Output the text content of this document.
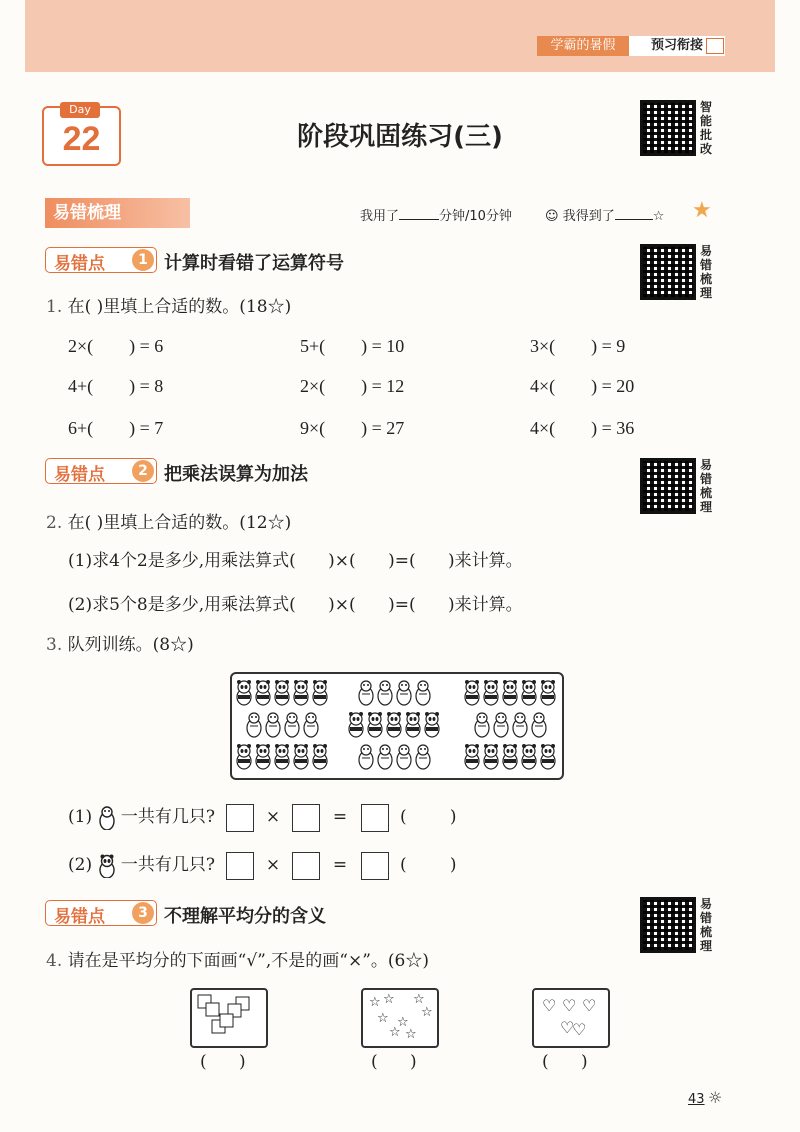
学霸的暑假	预习衔接
Day
22	阶段巩固练习(三)
智能批改
易错梳理	我用了	分钟/10分钟	☺ 我得到了	☆ ★
易错点	1 计算时看错了运算符号
易错梳理
1. 在( )里填上合适的数。(18☆)
2×(        ) = 6	5+(        ) = 10	3×(        ) = 9
4+(        ) = 8	2×(        ) = 12	4×(        ) = 20
6+(        ) = 7	9×(        ) = 27	4×(        ) = 36
易错点	2 把乘法误算为加法	易错梳理
2. 在( )里填上合适的数。(12☆)
(1)求4个2是多少,用乘法算式(      )×(      )=(      )来计算。
(2)求5个8是多少,用乘法算式(      )×(      )=(      )来计算。
3. 队列训练。(8☆)
(1) 一共有几只?	×	=	(        )
(2) 一共有几只?	×	=	(        )
易错点	3 不理解平均分的含义
易错梳理
4. 请在是平均分的下面画“√”,不是的画“×”。(6☆)
(      )
☆ ☆ ☆
☆
☆ ☆
☆ ☆
(      )
♡ ♡ ♡
♡
♡
(      )
43 ☼
